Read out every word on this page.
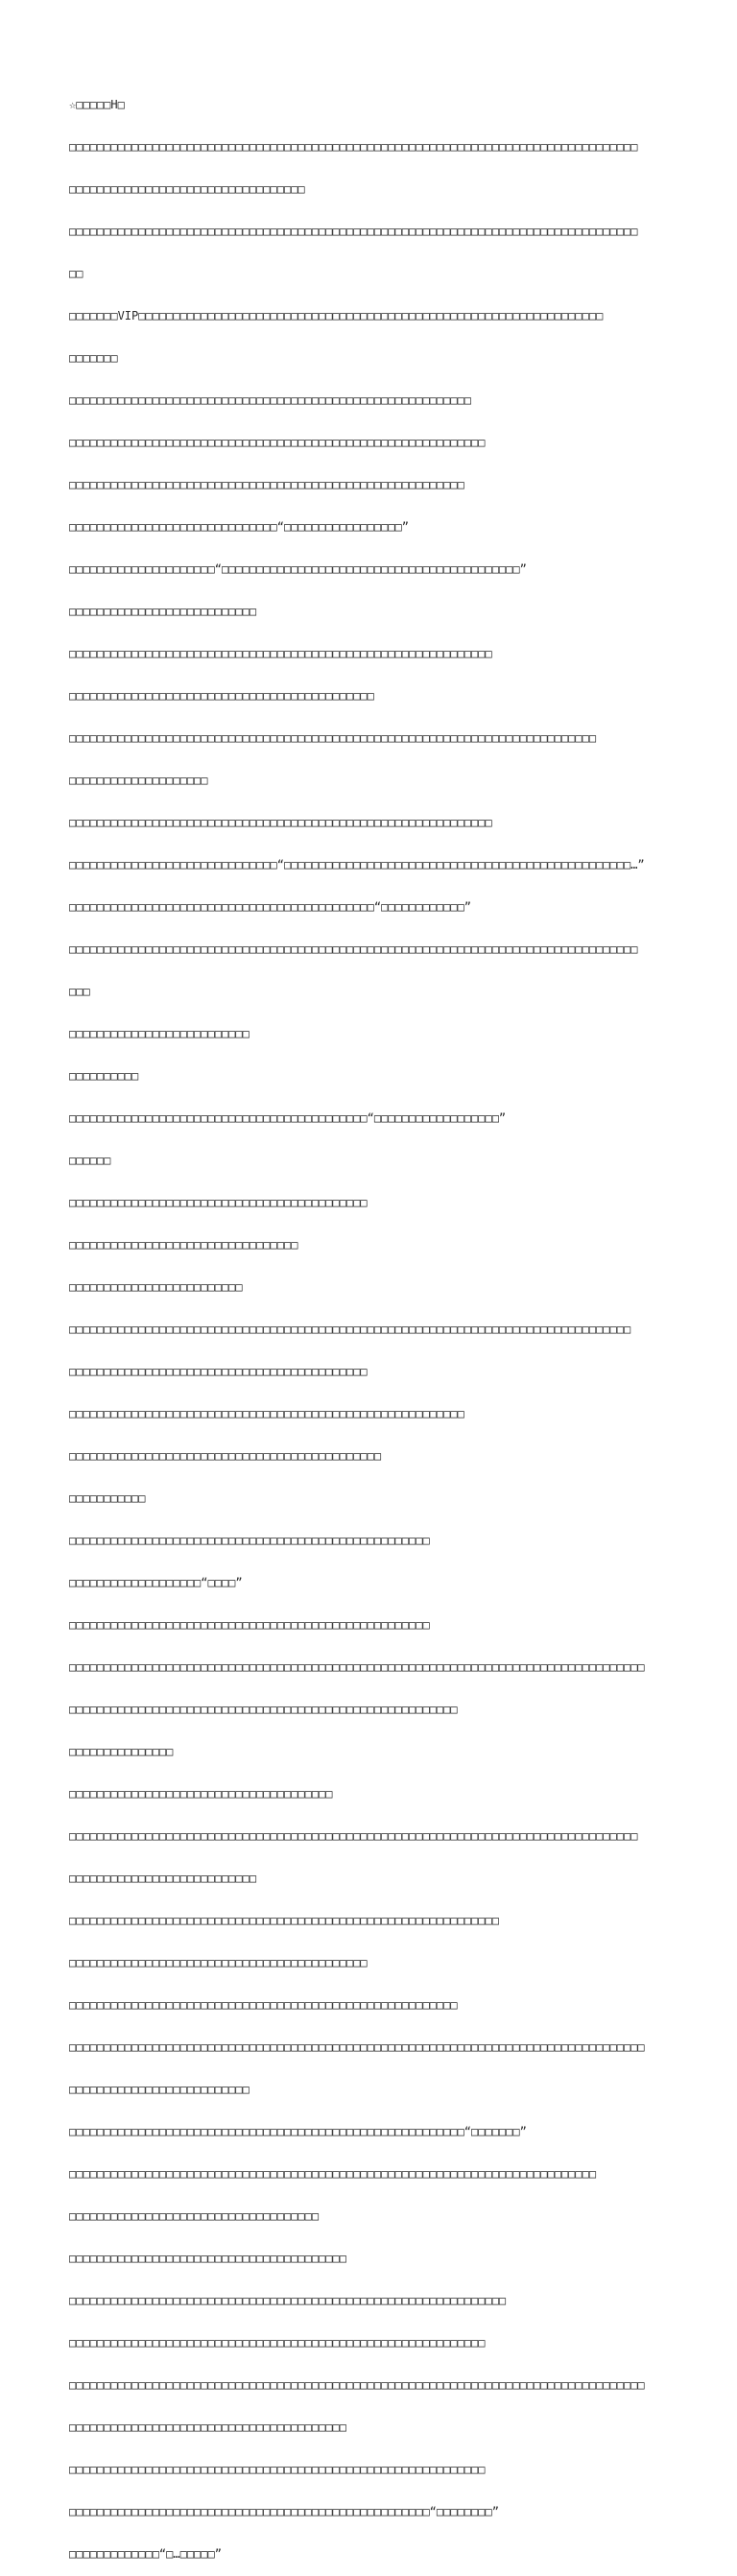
☆□□□□□H□

□□□□□□□□□□□□□□□□□□□□□□□□□□□□□□□□□□□□□□□□□□□□□□□□□□□□□□□□□□□□□□□□□□□□□□□□□□□□□□□□□□

□□□□□□□□□□□□□□□□□□□□□□□□□□□□□□□□□□

□□□□□□□□□□□□□□□□□□□□□□□□□□□□□□□□□□□□□□□□□□□□□□□□□□□□□□□□□□□□□□□□□□□□□□□□□□□□□□□□□□

□□

□□□□□□□VIP□□□□□□□□□□□□□□□□□□□□□□□□□□□□□□□□□□□□□□□□□□□□□□□□□□□□□□□□□□□□□□□□□□□

□□□□□□□

□□□□□□□□□□□□□□□□□□□□□□□□□□□□□□□□□□□□□□□□□□□□□□□□□□□□□□□□□□

□□□□□□□□□□□□□□□□□□□□□□□□□□□□□□□□□□□□□□□□□□□□□□□□□□□□□□□□□□□□

□□□□□□□□□□□□□□□□□□□□□□□□□□□□□□□□□□□□□□□□□□□□□□□□□□□□□□□□□

□□□□□□□□□□□□□□□□□□□□□□□□□□□□□□“□□□□□□□□□□□□□□□□□”

□□□□□□□□□□□□□□□□□□□□□“□□□□□□□□□□□□□□□□□□□□□□□□□□□□□□□□□□□□□□□□□□□”

□□□□□□□□□□□□□□□□□□□□□□□□□□□

□□□□□□□□□□□□□□□□□□□□□□□□□□□□□□□□□□□□□□□□□□□□□□□□□□□□□□□□□□□□□

□□□□□□□□□□□□□□□□□□□□□□□□□□□□□□□□□□□□□□□□□□□□

□□□□□□□□□□□□□□□□□□□□□□□□□□□□□□□□□□□□□□□□□□□□□□□□□□□□□□□□□□□□□□□□□□□□□□□□□□□□

□□□□□□□□□□□□□□□□□□□□

□□□□□□□□□□□□□□□□□□□□□□□□□□□□□□□□□□□□□□□□□□□□□□□□□□□□□□□□□□□□□

□□□□□□□□□□□□□□□□□□□□□□□□□□□□□□“□□□□□□□□□□□□□□□□□□□□□□□□□□□□□□□□□□□□□□□□□□□□□□□□□□…”

□□□□□□□□□□□□□□□□□□□□□□□□□□□□□□□□□□□□□□□□□□□□“□□□□□□□□□□□□”

□□□□□□□□□□□□□□□□□□□□□□□□□□□□□□□□□□□□□□□□□□□□□□□□□□□□□□□□□□□□□□□□□□□□□□□□□□□□□□□□□□

□□□

□□□□□□□□□□□□□□□□□□□□□□□□□□

□□□□□□□□□□

□□□□□□□□□□□□□□□□□□□□□□□□□□□□□□□□□□□□□□□□□□□“□□□□□□□□□□□□□□□□□□”

□□□□□□

□□□□□□□□□□□□□□□□□□□□□□□□□□□□□□□□□□□□□□□□□□□

□□□□□□□□□□□□□□□□□□□□□□□□□□□□□□□□□

□□□□□□□□□□□□□□□□□□□□□□□□□

□□□□□□□□□□□□□□□□□□□□□□□□□□□□□□□□□□□□□□□□□□□□□□□□□□□□□□□□□□□□□□□□□□□□□□□□□□□□□□□□□

□□□□□□□□□□□□□□□□□□□□□□□□□□□□□□□□□□□□□□□□□□□

□□□□□□□□□□□□□□□□□□□□□□□□□□□□□□□□□□□□□□□□□□□□□□□□□□□□□□□□□

□□□□□□□□□□□□□□□□□□□□□□□□□□□□□□□□□□□□□□□□□□□□□

□□□□□□□□□□□

□□□□□□□□□□□□□□□□□□□□□□□□□□□□□□□□□□□□□□□□□□□□□□□□□□□□

□□□□□□□□□□□□□□□□□□□“□□□□”

□□□□□□□□□□□□□□□□□□□□□□□□□□□□□□□□□□□□□□□□□□□□□□□□□□□□

□□□□□□□□□□□□□□□□□□□□□□□□□□□□□□□□□□□□□□□□□□□□□□□□□□□□□□□□□□□□□□□□□□□□□□□□□□□□□□□□□□□

□□□□□□□□□□□□□□□□□□□□□□□□□□□□□□□□□□□□□□□□□□□□□□□□□□□□□□□□

□□□□□□□□□□□□□□□

□□□□□□□□□□□□□□□□□□□□□□□□□□□□□□□□□□□□□□

□□□□□□□□□□□□□□□□□□□□□□□□□□□□□□□□□□□□□□□□□□□□□□□□□□□□□□□□□□□□□□□□□□□□□□□□□□□□□□□□□□

□□□□□□□□□□□□□□□□□□□□□□□□□□□

□□□□□□□□□□□□□□□□□□□□□□□□□□□□□□□□□□□□□□□□□□□□□□□□□□□□□□□□□□□□□□

□□□□□□□□□□□□□□□□□□□□□□□□□□□□□□□□□□□□□□□□□□□

□□□□□□□□□□□□□□□□□□□□□□□□□□□□□□□□□□□□□□□□□□□□□□□□□□□□□□□□

□□□□□□□□□□□□□□□□□□□□□□□□□□□□□□□□□□□□□□□□□□□□□□□□□□□□□□□□□□□□□□□□□□□□□□□□□□□□□□□□□□□

□□□□□□□□□□□□□□□□□□□□□□□□□□

□□□□□□□□□□□□□□□□□□□□□□□□□□□□□□□□□□□□□□□□□□□□□□□□□□□□□□□□□“□□□□□□□”

□□□□□□□□□□□□□□□□□□□□□□□□□□□□□□□□□□□□□□□□□□□□□□□□□□□□□□□□□□□□□□□□□□□□□□□□□□□□

□□□□□□□□□□□□□□□□□□□□□□□□□□□□□□□□□□□□

□□□□□□□□□□□□□□□□□□□□□□□□□□□□□□□□□□□□□□□□

□□□□□□□□□□□□□□□□□□□□□□□□□□□□□□□□□□□□□□□□□□□□□□□□□□□□□□□□□□□□□□□

□□□□□□□□□□□□□□□□□□□□□□□□□□□□□□□□□□□□□□□□□□□□□□□□□□□□□□□□□□□□

□□□□□□□□□□□□□□□□□□□□□□□□□□□□□□□□□□□□□□□□□□□□□□□□□□□□□□□□□□□□□□□□□□□□□□□□□□□□□□□□□□□

□□□□□□□□□□□□□□□□□□□□□□□□□□□□□□□□□□□□□□□□

□□□□□□□□□□□□□□□□□□□□□□□□□□□□□□□□□□□□□□□□□□□□□□□□□□□□□□□□□□□□

□□□□□□□□□□□□□□□□□□□□□□□□□□□□□□□□□□□□□□□□□□□□□□□□□□□□“□□□□□□□□”

□□□□□□□□□□□□□“□…□□□□□”
